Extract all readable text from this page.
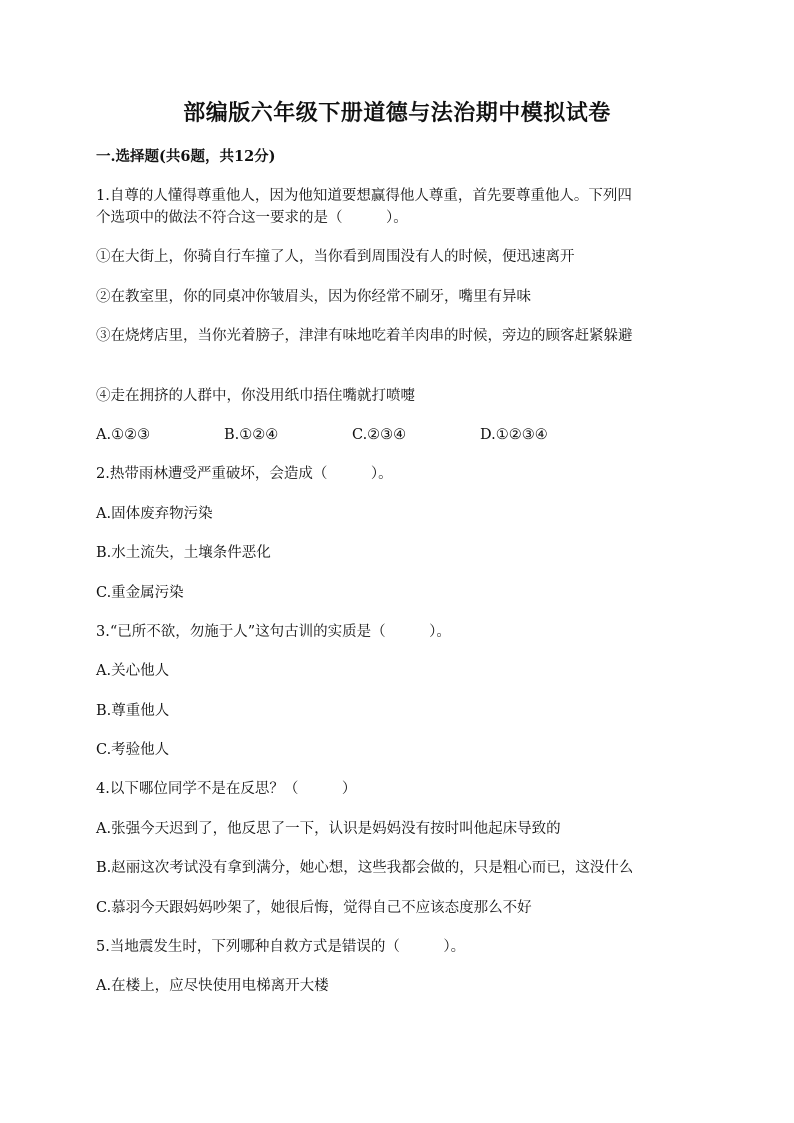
部编版六年级下册道德与法治期中模拟试卷
一.选择题(共6题，共12分)
1.自尊的人懂得尊重他人，因为他知道要想赢得他人尊重，首先要尊重他人。下列四
个选项中的做法不符合这一要求的是（　　　）。
①在大街上，你骑自行车撞了人，当你看到周围没有人的时候，便迅速离开
②在教室里，你的同桌冲你皱眉头，因为你经常不刷牙，嘴里有异味
③在烧烤店里，当你光着膀子，津津有味地吃着羊肉串的时候，旁边的顾客赶紧躲避
④走在拥挤的人群中，你没用纸巾捂住嘴就打喷嚏
A.①②③	B.①②④	C.②③④	D.①②③④
2.热带雨林遭受严重破坏，会造成（　　　）。
A.固体废弃物污染
B.水土流失，土壤条件恶化
C.重金属污染
3.“已所不欲，勿施于人”这句古训的实质是（　　　）。
A.关心他人
B.尊重他人
C.考验他人
4.以下哪位同学不是在反思？（　　　）
A.张强今天迟到了，他反思了一下，认识是妈妈没有按时叫他起床导致的
B.赵丽这次考试没有拿到满分，她心想，这些我都会做的，只是粗心而已，这没什么
C.慕羽今天跟妈妈吵架了，她很后悔，觉得自己不应该态度那么不好
5.当地震发生时，下列哪种自救方式是错误的（　　　）。
A.在楼上，应尽快使用电梯离开大楼
